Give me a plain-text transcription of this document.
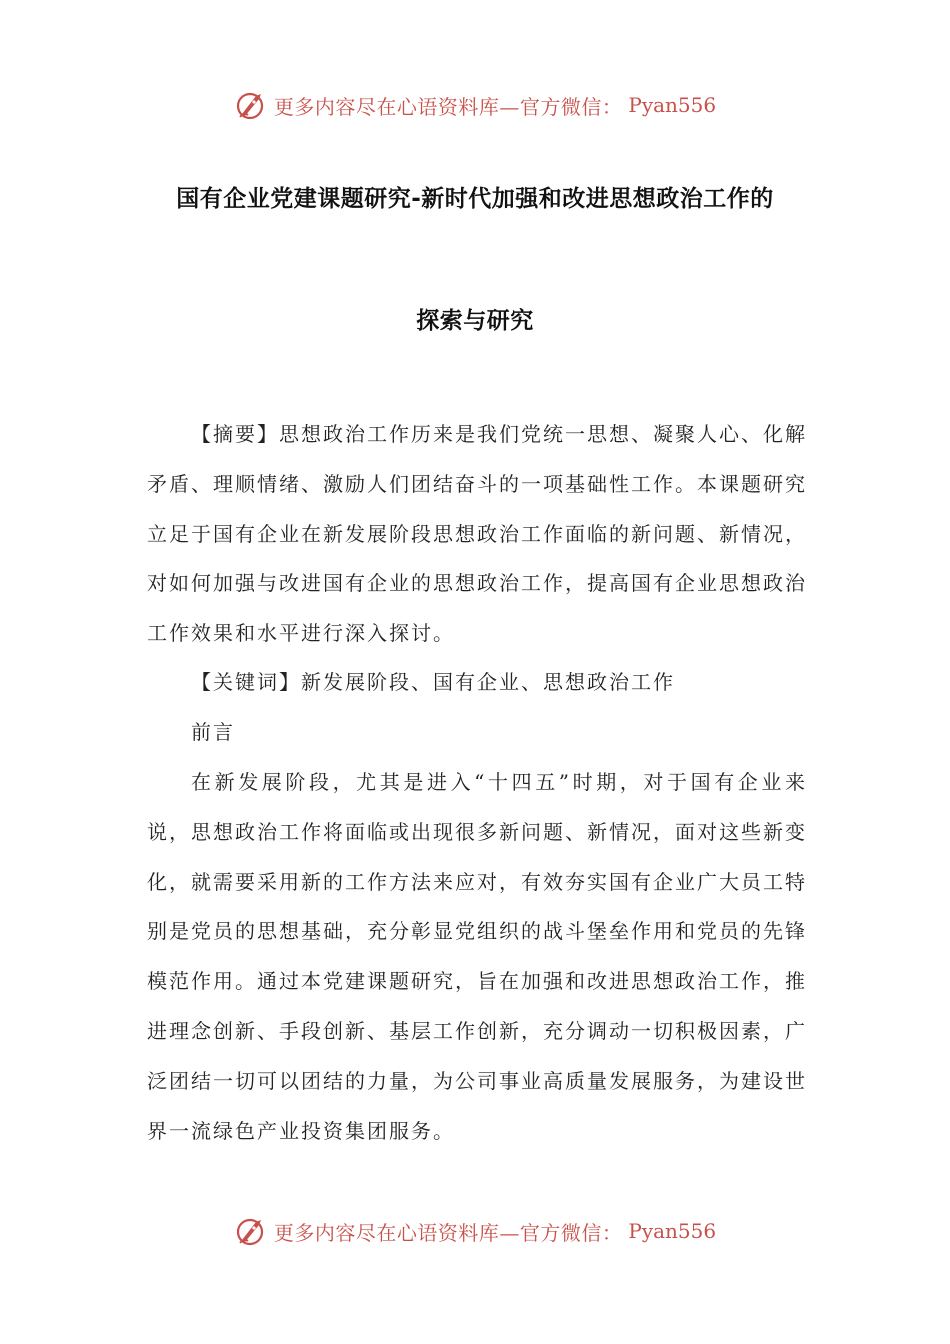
更多内容尽在心语资料库—官方微信： Pyan556
国有企业党建课题研究-新时代加强和改进思想政治工作的
探索与研究

【摘要】思想政治工作历来是我们党统一思想、凝聚人心、化解矛盾、理顺情绪、激励人们团结奋斗的一项基础性工作。本课题研究立足于国有企业在新发展阶段思想政治工作面临的新问题、新情况，对如何加强与改进国有企业的思想政治工作，提高国有企业思想政治工作效果和水平进行深入探讨。

【关键词】新发展阶段、国有企业、思想政治工作

前言

在新发展阶段，尤其是进入“十四五”时期，对于国有企业来说，思想政治工作将面临或出现很多新问题、新情况，面对这些新变化，就需要采用新的工作方法来应对，有效夯实国有企业广大员工特别是党员的思想基础，充分彰显党组织的战斗堡垒作用和党员的先锋模范作用。通过本党建课题研究，旨在加强和改进思想政治工作，推进理念创新、手段创新、基层工作创新，充分调动一切积极因素，广泛团结一切可以团结的力量，为公司事业高质量发展服务，为建设世界一流绿色产业投资集团服务。

更多内容尽在心语资料库—官方微信： Pyan556
